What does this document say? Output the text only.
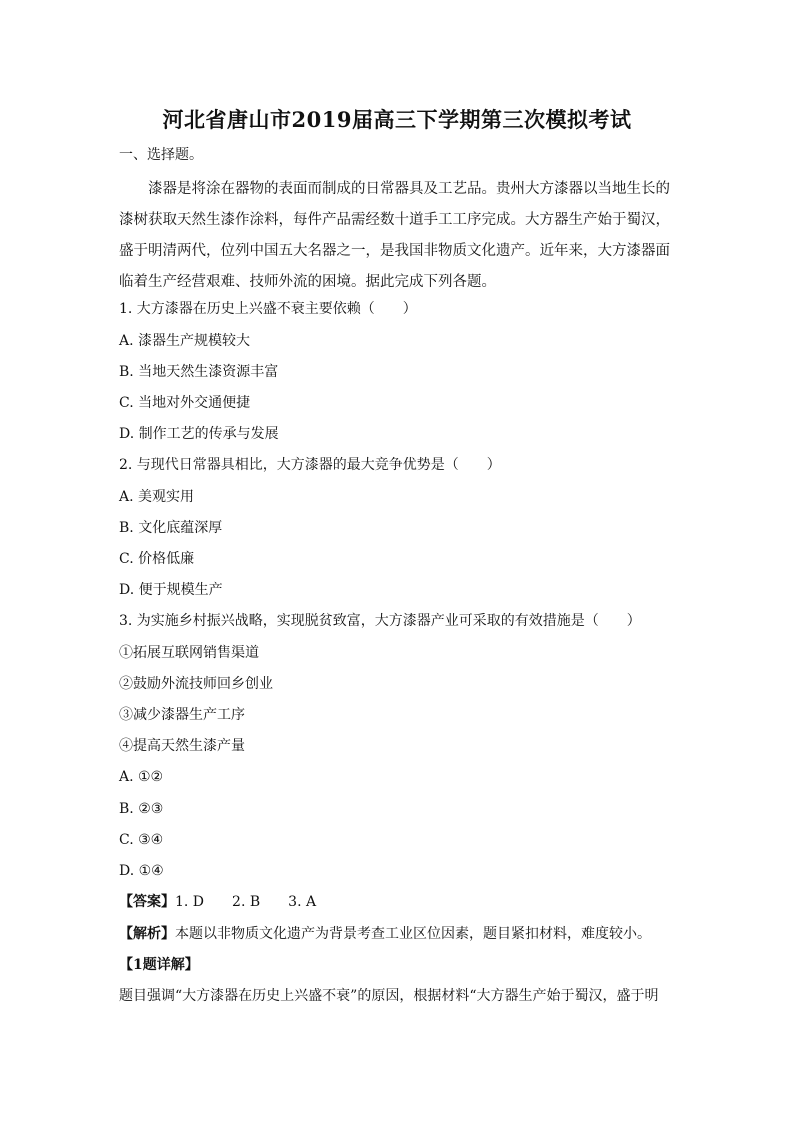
河北省唐山市2019届高三下学期第三次模拟考试
一、选择题。

漆器是将涂在器物的表面而制成的日常器具及工艺品。贵州大方漆器以当地生长的漆树获取天然生漆作涂料，每件产品需经数十道手工工序完成。大方器生产始于蜀汉，盛于明清两代，位列中国五大名器之一，是我国非物质文化遗产。近年来，大方漆器面临着生产经营艰难、技师外流的困境。据此完成下列各题。

1. 大方漆器在历史上兴盛不衰主要依赖（　　）
A. 漆器生产规模较大
B. 当地天然生漆资源丰富
C. 当地对外交通便捷
D. 制作工艺的传承与发展
2. 与现代日常器具相比，大方漆器的最大竞争优势是（　　）
A. 美观实用
B. 文化底蕴深厚
C. 价格低廉
D. 便于规模生产
3. 为实施乡村振兴战略，实现脱贫致富，大方漆器产业可采取的有效措施是（　　）
①拓展互联网销售渠道
②鼓励外流技师回乡创业
③减少漆器生产工序
④提高天然生漆产量
A. ①②
B. ②③
C. ③④
D. ①④
【答案】1. D 2. B 3. A
【解析】本题以非物质文化遗产为背景考查工业区位因素，题目紧扣材料，难度较小。
【1题详解】
题目强调“大方漆器在历史上兴盛不衰”的原因，根据材料“大方器生产始于蜀汉，盛于明
